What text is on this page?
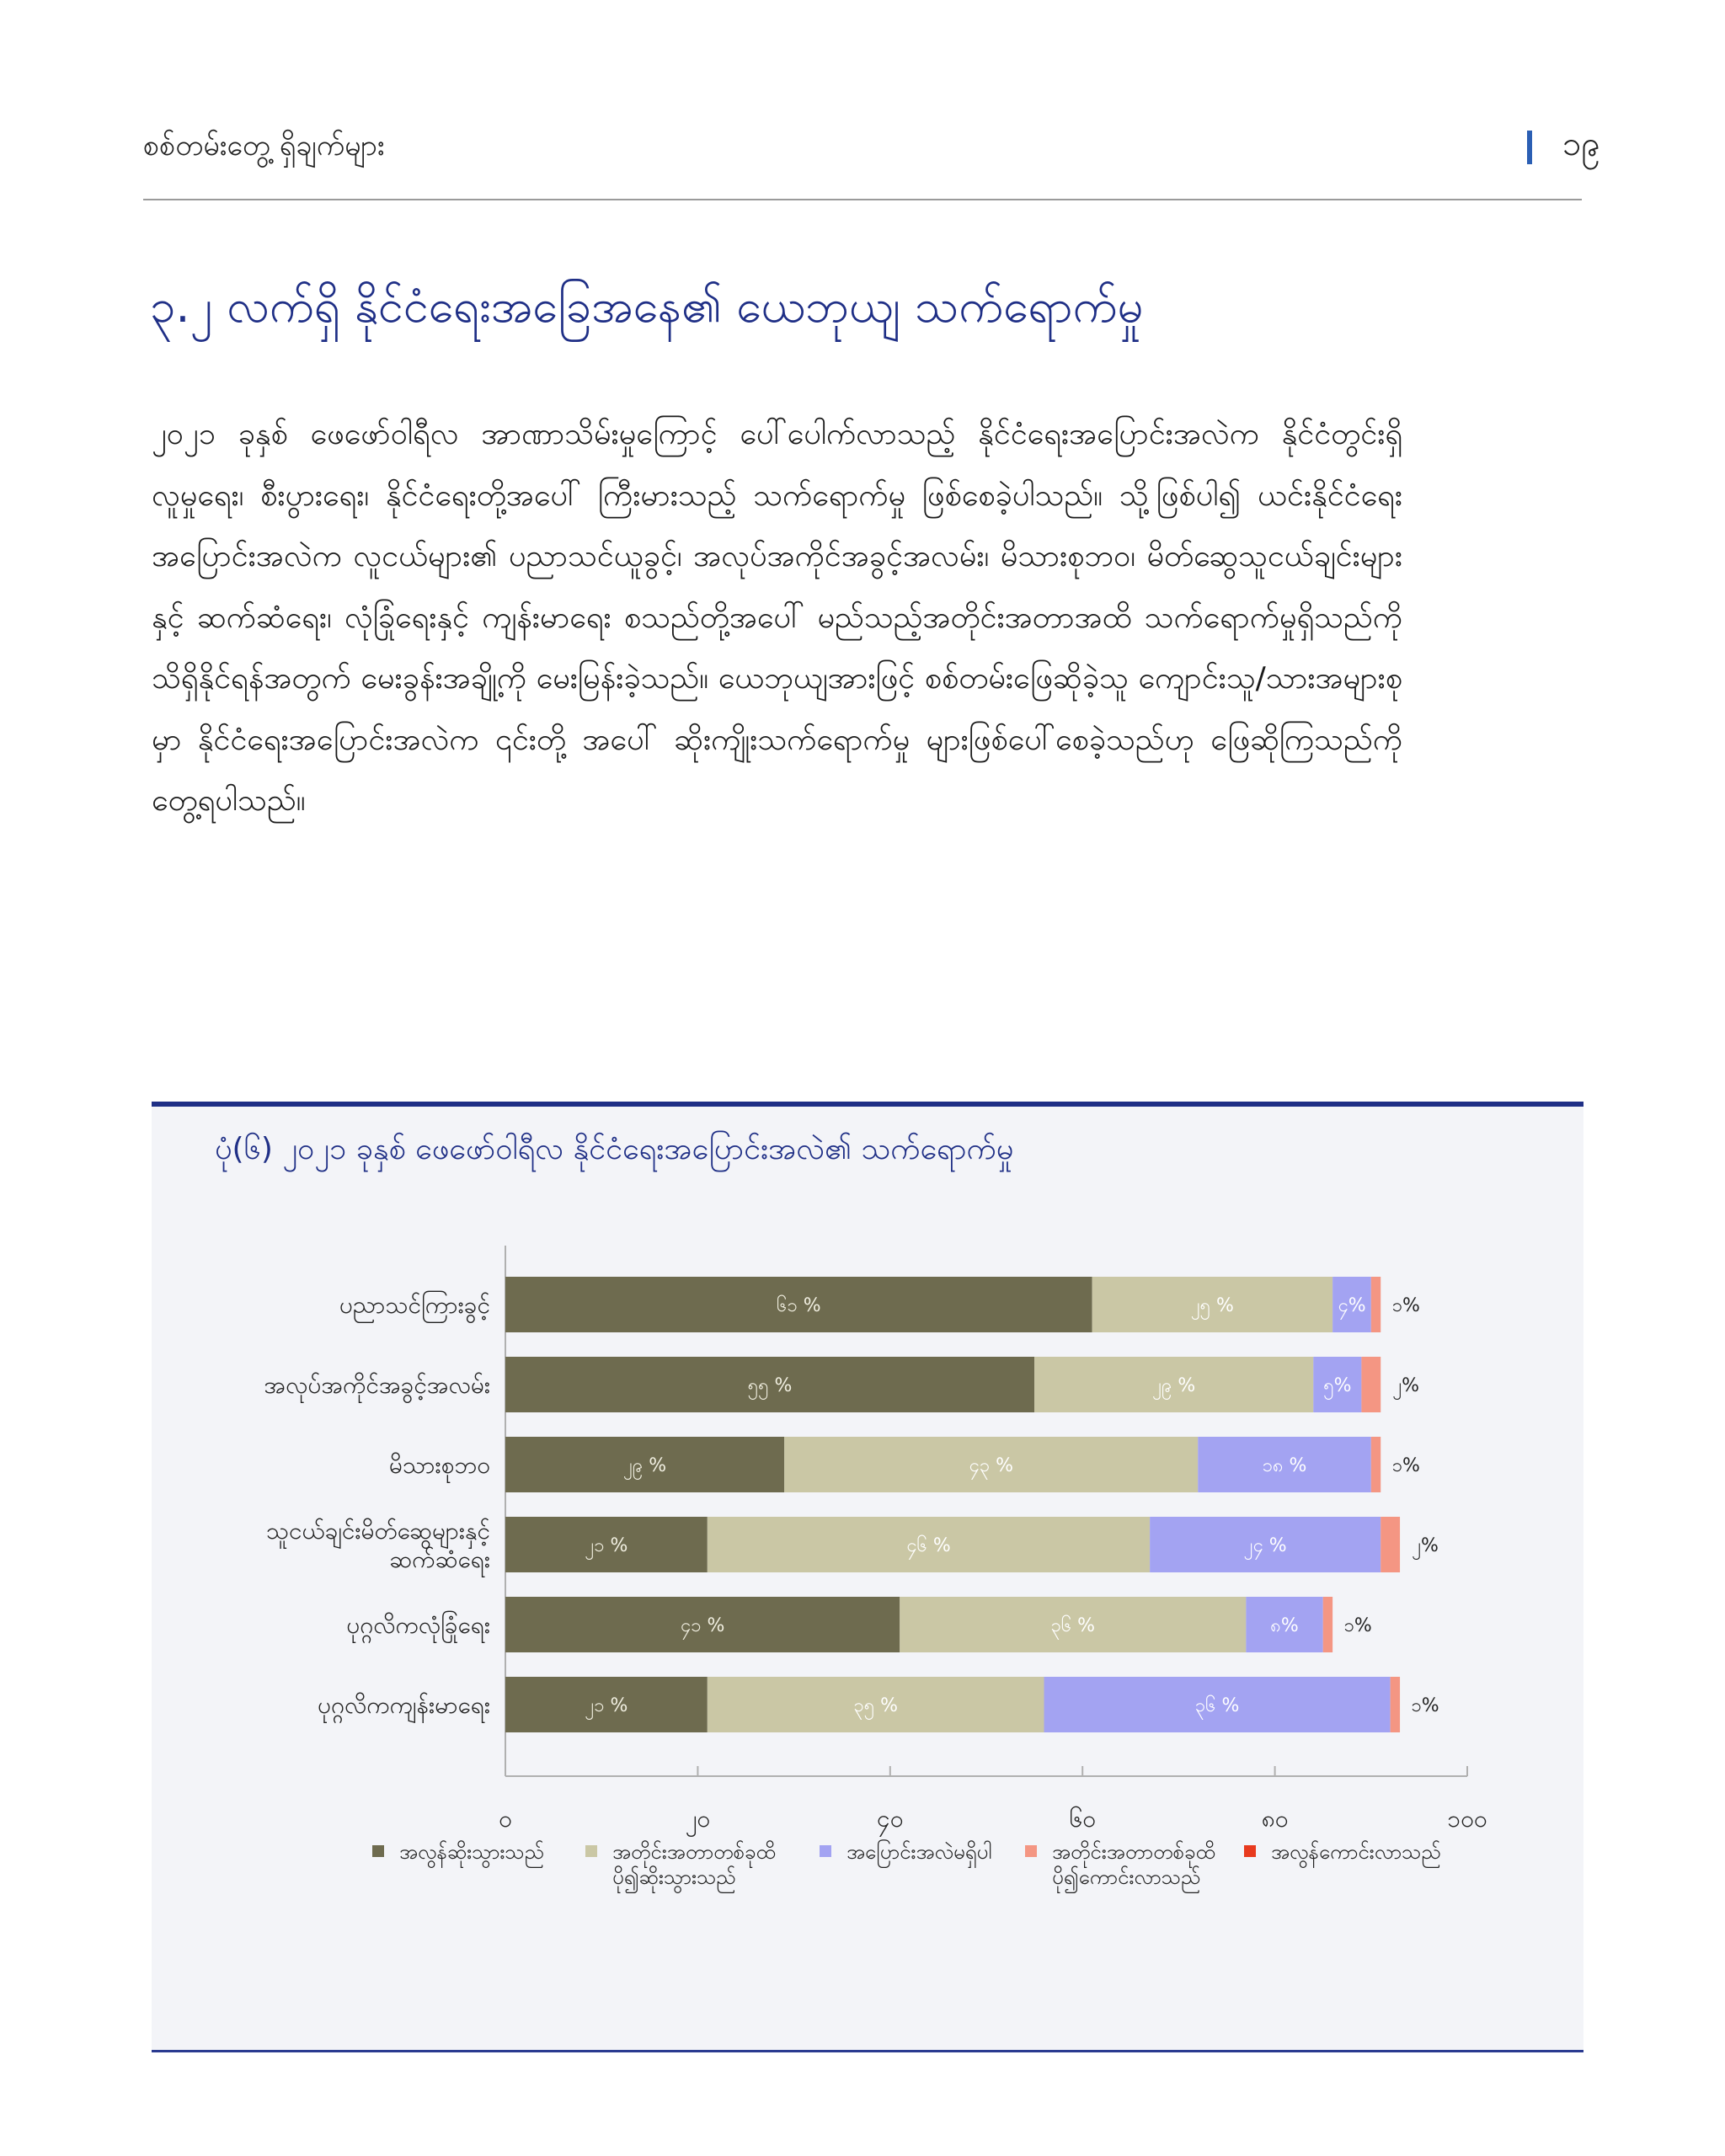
စစ်တမ်းတွေ့ ရှိချက်များ	၁၉
၃.၂ လက်ရှိ နိုင်ငံရေးအခြေအနေ၏ ယေဘုယျ သက်ရောက်မှု
၂၀၂၁ ခုနှစ် ဖေဖော်ဝါရီလ အာဏာသိမ်းမှုကြောင့် ပေါ်ပေါက်လာသည့် နိုင်ငံရေးအပြောင်းအလဲက နိုင်ငံတွင်းရှိ လူမှုရေး၊ စီးပွားရေး၊ နိုင်ငံရေးတို့အပေါ် ကြီးမားသည့် သက်ရောက်မှု ဖြစ်စေခဲ့ပါသည်။ သို့ဖြစ်ပါ၍ ယင်းနိုင်ငံရေး အပြောင်းအလဲက လူငယ်များ၏ ပညာသင်ယူခွင့်၊ အလုပ်အကိုင်အခွင့်အလမ်း၊ မိသားစုဘဝ၊ မိတ်ဆွေသူငယ်ချင်းများနှင့် ဆက်ဆံရေး၊ လုံခြုံရေးနှင့် ကျန်းမာရေး စသည်တို့အပေါ် မည်သည့်အတိုင်းအတာအထိ သက်ရောက်မှုရှိသည်ကို သိရှိနိုင်ရန်အတွက် မေးခွန်းအချို့ကို မေးမြန်းခဲ့သည်။ ယေဘုယျအားဖြင့် စစ်တမ်းဖြေဆိုခဲ့သူ ကျောင်းသူ/သားအများစုမှာ နိုင်ငံရေးအပြောင်းအလဲက ၎င်းတို့ အပေါ် ဆိုးကျိုးသက်ရောက်မှု များဖြစ်ပေါ်စေခဲ့သည်ဟု ဖြေဆိုကြသည်ကို တွေ့ရပါသည်။
ပုံ(၆) ၂၀၂၁ ခုနှစ် ဖေဖော်ဝါရီလ နိုင်ငံရေးအပြောင်းအလဲ၏ သက်ရောက်မှု
၀	၂၀	၄၀	၆၀	၈၀	၁၀၀
ပညာသင်ကြားခွင့်	၆၁ %	၂၅ %	၄% ၁%
အလုပ်အကိုင်အခွင့်အလမ်း	၅၅ %	၂၉ %	၅% ၂%
မိသားစုဘဝ	၂၉ %	၄၃ %	၁၈ %	၁%
သူငယ်ချင်းမိတ်ဆွေများနှင့်ဆက်ဆံရေး	၂၁ %	၄၆ %	၂၄ %	၂%
ပုဂ္ဂလိကလုံခြုံရေး	၄၁ %	၃၆ %	၈% ၁%
ပုဂ္ဂလိကကျန်းမာရေး	၂၁ %	၃၅ %	၃၆ %	၁%
အလွန်ဆိုးသွားသည်	အတိုင်းအတာတစ်ခုထိပို၍ဆိုးသွားသည်
အပြောင်းအလဲမရှိပါ	အတိုင်းအတာတစ်ခုထိပို၍ကောင်းလာသည်
အလွန်ကောင်းလာသည်
